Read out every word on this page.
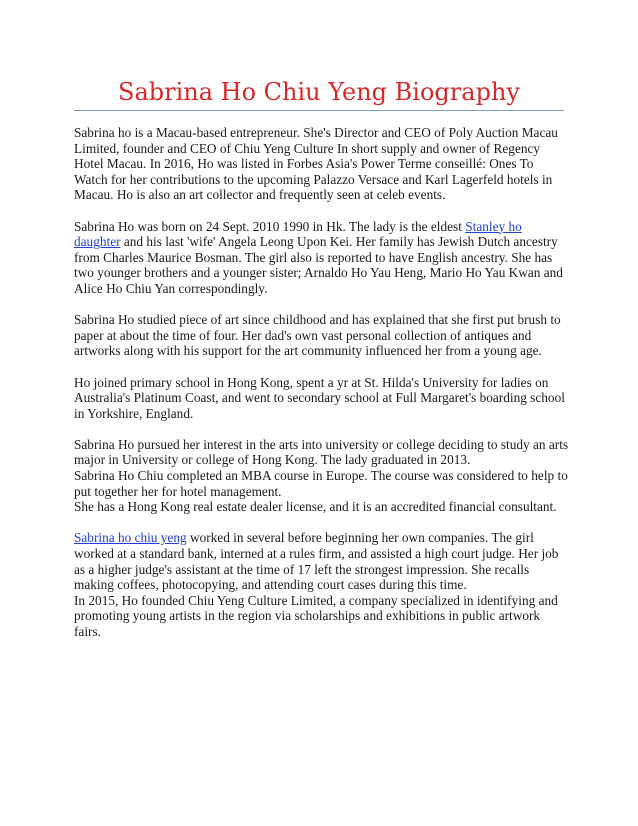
Sabrina Ho Chiu Yeng Biography

Sabrina ho is a Macau-based entrepreneur. She's Director and CEO of Poly Auction Macau Limited, founder and CEO of Chiu Yeng Culture In short supply and owner of Regency Hotel Macau. In 2016, Ho was listed in Forbes Asia's Power Terme conseillé: Ones To Watch for her contributions to the upcoming Palazzo Versace and Karl Lagerfeld hotels in Macau. Ho is also an art collector and frequently seen at celeb events.

Sabrina Ho was born on 24 Sept. 2010 1990 in Hk. The lady is the eldest Stanley ho daughter and his last 'wife' Angela Leong Upon Kei. Her family has Jewish Dutch ancestry from Charles Maurice Bosman. The girl also is reported to have English ancestry. She has two younger brothers and a younger sister; Arnaldo Ho Yau Heng, Mario Ho Yau Kwan and Alice Ho Chiu Yan correspondingly.

Sabrina Ho studied piece of art since childhood and has explained that she first put brush to paper at about the time of four. Her dad's own vast personal collection of antiques and artworks along with his support for the art community influenced her from a young age.

Ho joined primary school in Hong Kong, spent a yr at St. Hilda's University for ladies on Australia's Platinum Coast, and went to secondary school at Full Margaret's boarding school in Yorkshire, England.

Sabrina Ho pursued her interest in the arts into university or college deciding to study an arts major in University or college of Hong Kong. The lady graduated in 2013.

Sabrina Ho Chiu completed an MBA course in Europe. The course was considered to help to put together her for hotel management.

She has a Hong Kong real estate dealer license, and it is an accredited financial consultant.

Sabrina ho chiu yeng worked in several before beginning her own companies. The girl worked at a standard bank, interned at a rules firm, and assisted a high court judge. Her job as a higher judge's assistant at the time of 17 left the strongest impression. She recalls making coffees, photocopying, and attending court cases during this time.

In 2015, Ho founded Chiu Yeng Culture Limited, a company specialized in identifying and promoting young artists in the region via scholarships and exhibitions in public artwork fairs.
